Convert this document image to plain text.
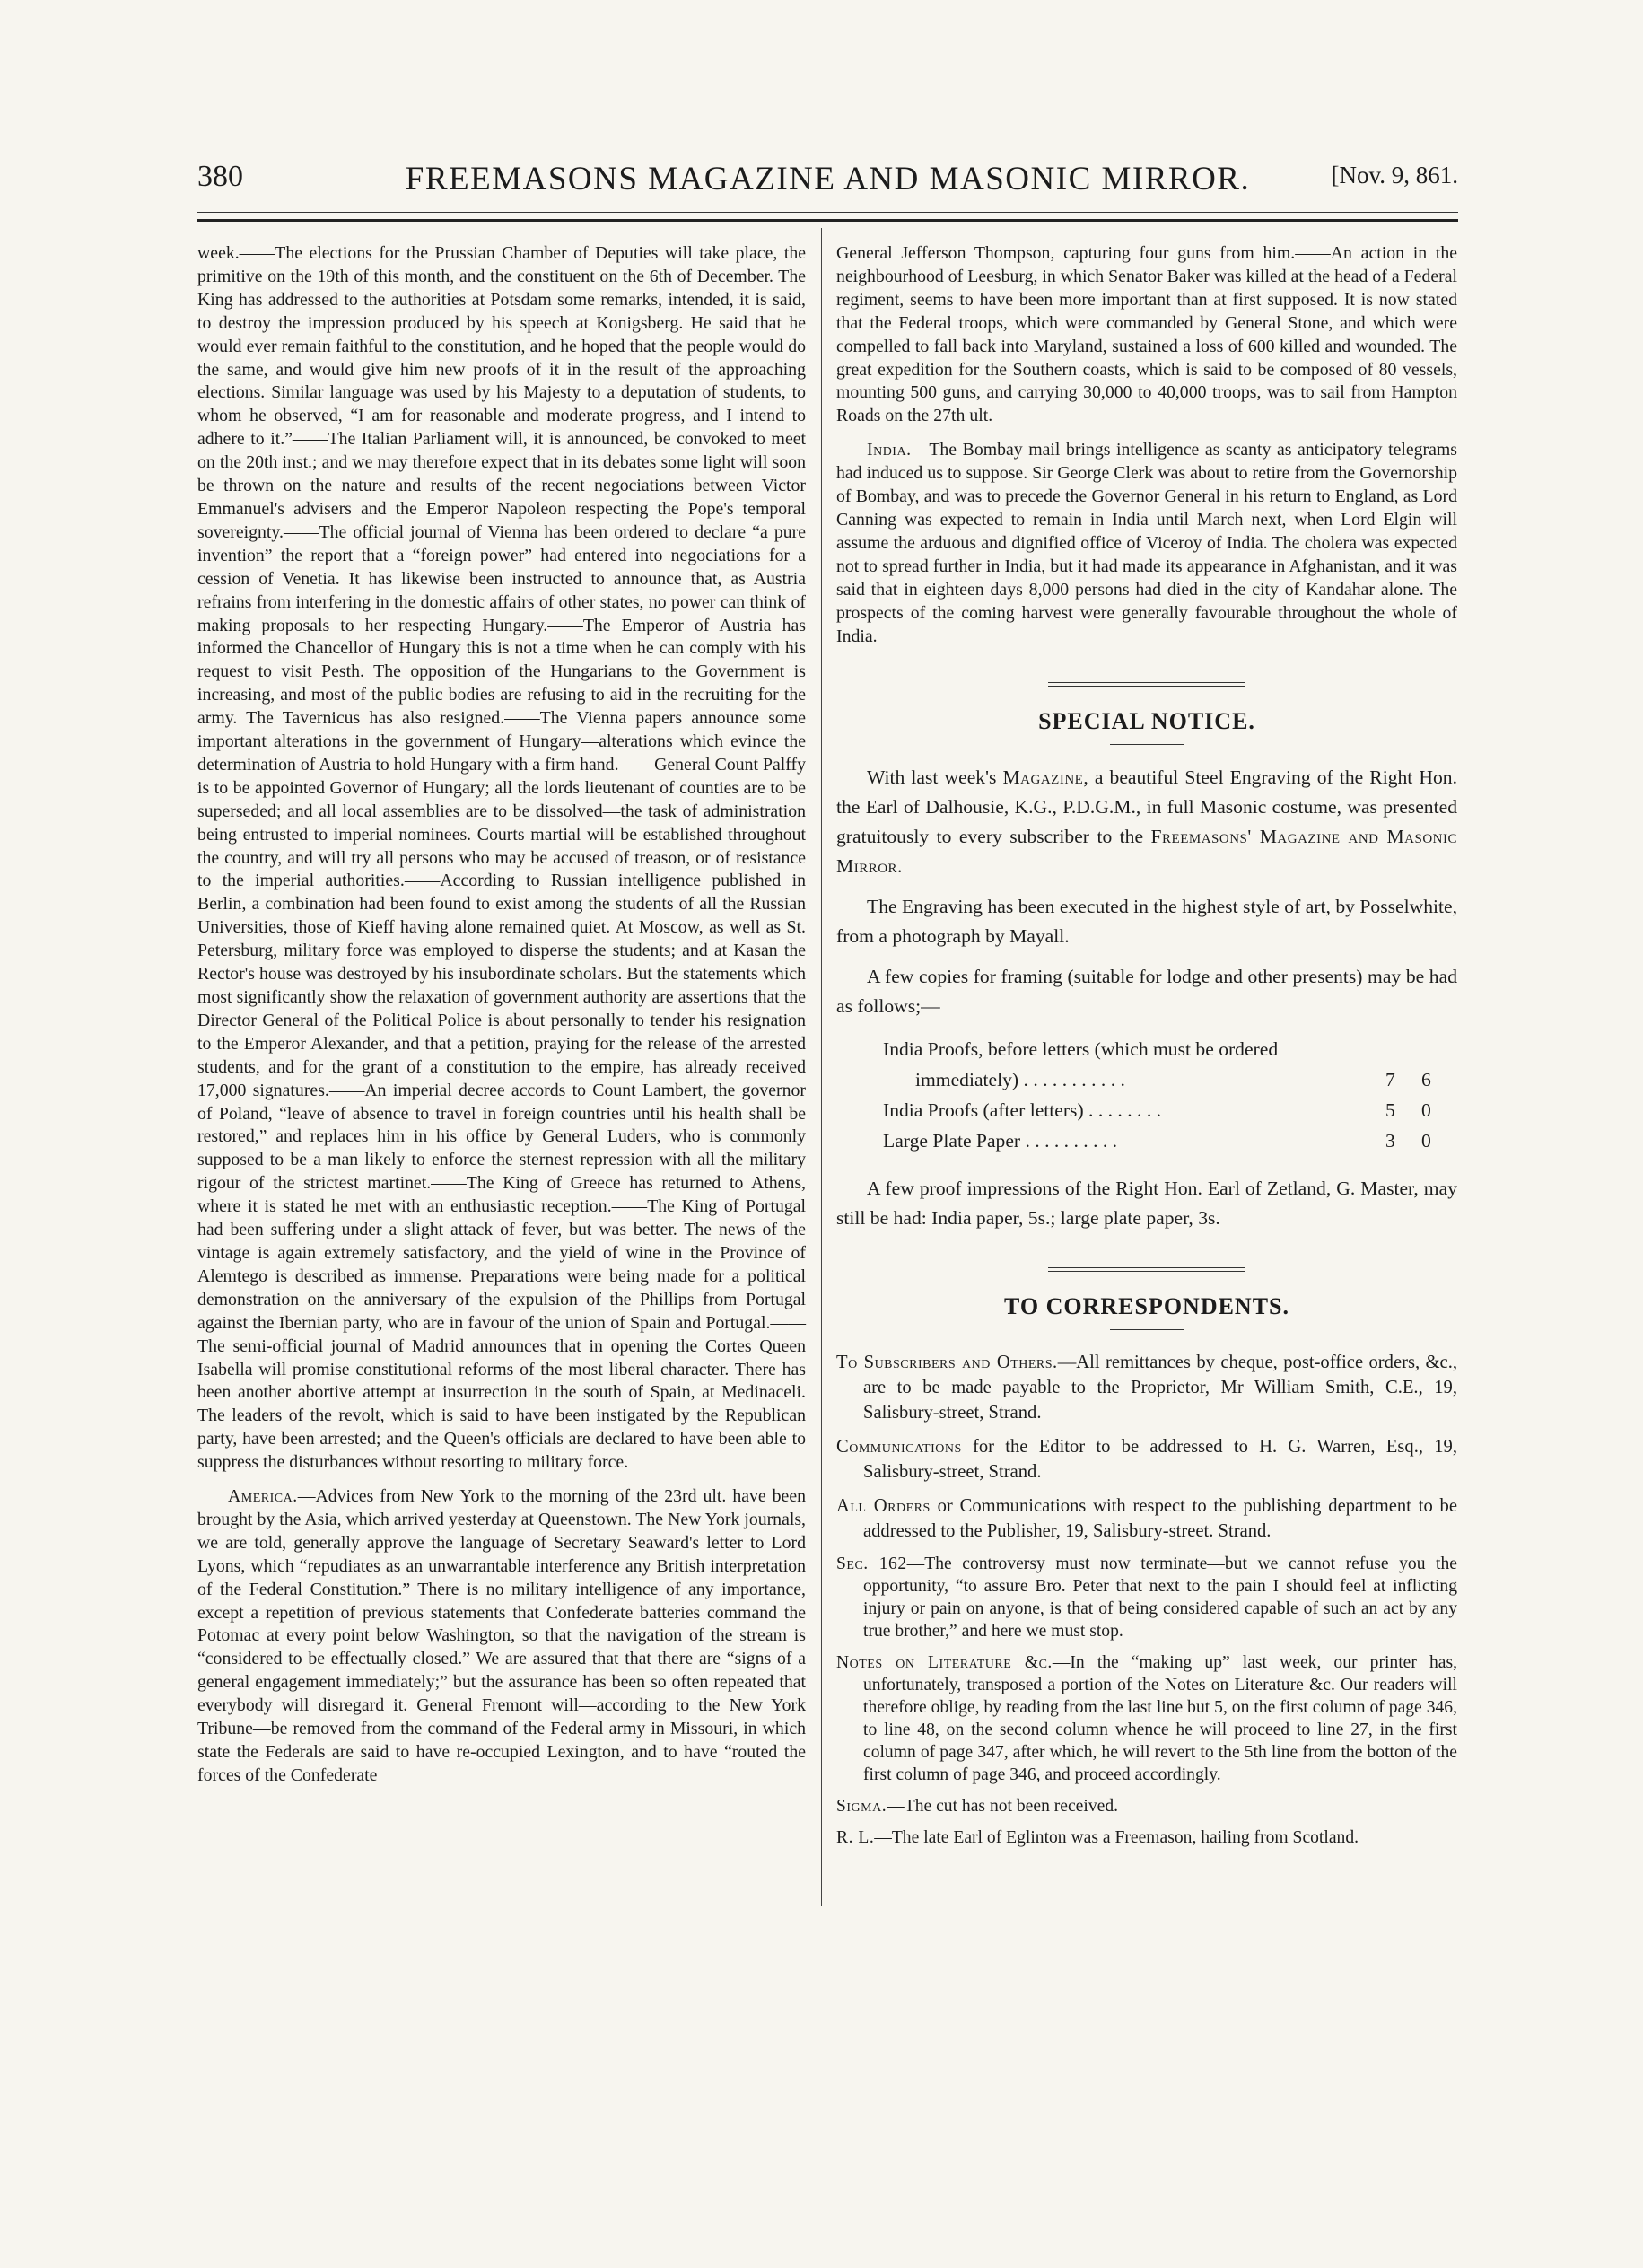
380	FREEMASONS MAGAZINE AND MASONIC MIRROR.	[Nov. 9, 861.

week.——The elections for the Prussian Chamber of Deputies will take place, the primitive on the 19th of this month, and the constituent on the 6th of December. The King has addressed to the authorities at Potsdam some remarks, intended, it is said, to destroy the impression produced by his speech at Konigsberg. He said that he would ever remain faithful to the constitution, and he hoped that the people would do the same, and would give him new proofs of it in the result of the approaching elections. Similar language was used by his Majesty to a deputation of students, to whom he observed, “I am for reasonable and moderate progress, and I intend to adhere to it.”——The Italian Parliament will, it is announced, be convoked to meet on the 20th inst.; and we may therefore expect that in its debates some light will soon be thrown on the nature and results of the recent negociations between Victor Emmanuel's advisers and the Emperor Napoleon respecting the Pope's temporal sovereignty.——The official journal of Vienna has been ordered to declare “a pure invention” the report that a “foreign power” had entered into negociations for a cession of Venetia. It has likewise been instructed to announce that, as Austria refrains from interfering in the domestic affairs of other states, no power can think of making proposals to her respecting Hungary.——The Emperor of Austria has informed the Chancellor of Hungary this is not a time when he can comply with his request to visit Pesth. The opposition of the Hungarians to the Government is increasing, and most of the public bodies are refusing to aid in the recruiting for the army. The Tavernicus has also resigned.——The Vienna papers announce some important alterations in the government of Hungary—alterations which evince the determination of Austria to hold Hungary with a firm hand.——General Count Palffy is to be appointed Governor of Hungary; all the lords lieutenant of counties are to be superseded; and all local assemblies are to be dissolved—the task of administration being entrusted to imperial nominees. Courts martial will be established throughout the country, and will try all persons who may be accused of treason, or of resistance to the imperial authorities.——According to Russian intelligence published in Berlin, a combination had been found to exist among the students of all the Russian Universities, those of Kieff having alone remained quiet. At Moscow, as well as St. Petersburg, military force was employed to disperse the students; and at Kasan the Rector's house was destroyed by his insubordinate scholars. But the statements which most significantly show the relaxation of government authority are assertions that the Director General of the Political Police is about personally to tender his resignation to the Emperor Alexander, and that a petition, praying for the release of the arrested students, and for the grant of a constitution to the empire, has already received 17,000 signatures.——An imperial decree accords to Count Lambert, the governor of Poland, “leave of absence to travel in foreign countries until his health shall be restored,” and replaces him in his office by General Luders, who is commonly supposed to be a man likely to enforce the sternest repression with all the military rigour of the strictest martinet.——The King of Greece has returned to Athens, where it is stated he met with an enthusiastic reception.——The King of Portugal had been suffering under a slight attack of fever, but was better. The news of the vintage is again extremely satisfactory, and the yield of wine in the Province of Alemtego is described as immense. Preparations were being made for a political demonstration on the anniversary of the expulsion of the Phillips from Portugal against the Ibernian party, who are in favour of the union of Spain and Portugal.——The semi-official journal of Madrid announces that in opening the Cortes Queen Isabella will promise constitutional reforms of the most liberal character. There has been another abortive attempt at insurrection in the south of Spain, at Medinaceli. The leaders of the revolt, which is said to have been instigated by the Republican party, have been arrested; and the Queen's officials are declared to have been able to suppress the disturbances without resorting to military force.

America.—Advices from New York to the morning of the 23rd ult. have been brought by the Asia, which arrived yesterday at Queenstown. The New York journals, we are told, generally approve the language of Secretary Seaward's letter to Lord Lyons, which “repudiates as an unwarrantable interference any British interpretation of the Federal Constitution.” There is no military intelligence of any importance, except a repetition of previous statements that Confederate batteries command the Potomac at every point below Washington, so that the navigation of the stream is “considered to be effectually closed.” We are assured that that there are “signs of a general engagement immediately;” but the assurance has been so often repeated that everybody will disregard it. General Fremont will—according to the New York Tribune—be removed from the command of the Federal army in Missouri, in which state the Federals are said to have re-occupied Lexington, and to have “routed the forces of the Confederate

General Jefferson Thompson, capturing four guns from him.——An action in the neighbourhood of Leesburg, in which Senator Baker was killed at the head of a Federal regiment, seems to have been more important than at first supposed. It is now stated that the Federal troops, which were commanded by General Stone, and which were compelled to fall back into Maryland, sustained a loss of 600 killed and wounded. The great expedition for the Southern coasts, which is said to be composed of 80 vessels, mounting 500 guns, and carrying 30,000 to 40,000 troops, was to sail from Hampton Roads on the 27th ult.

India.—The Bombay mail brings intelligence as scanty as anticipatory telegrams had induced us to suppose. Sir George Clerk was about to retire from the Governorship of Bombay, and was to precede the Governor General in his return to England, as Lord Canning was expected to remain in India until March next, when Lord Elgin will assume the arduous and dignified office of Viceroy of India. The cholera was expected not to spread further in India, but it had made its appearance in Afghanistan, and it was said that in eighteen days 8,000 persons had died in the city of Kandahar alone. The prospects of the coming harvest were generally favourable throughout the whole of India.

SPECIAL NOTICE.

With last week's Magazine, a beautiful Steel Engraving of the Right Hon. the Earl of Dalhousie, K.G., P.D.G.M., in full Masonic costume, was presented gratuitously to every subscriber to the Freemasons' Magazine and Masonic Mirror.

The Engraving has been executed in the highest style of art, by Posselwhite, from a photograph by Mayall.

A few copies for framing (suitable for lodge and other presents) may be had as follows;—

India Proofs, before letters (which must be ordered
immediately) . . . . . . . . . . .	7	6
India Proofs (after letters) . . . . . . . .	5	0
Large Plate Paper . . . . . . . . . .	3	0

A few proof impressions of the Right Hon. Earl of Zetland, G. Master, may still be had: India paper, 5s.; large plate paper, 3s.

TO CORRESPONDENTS.

To Subscribers and Others.—All remittances by cheque, post-office orders, &c., are to be made payable to the Proprietor, Mr William Smith, C.E., 19, Salisbury-street, Strand.

Communications for the Editor to be addressed to H. G. Warren, Esq., 19, Salisbury-street, Strand.

All Orders or Communications with respect to the publishing department to be addressed to the Publisher, 19, Salisbury-street. Strand.

Sec. 162—The controversy must now terminate—but we cannot refuse you the opportunity, “to assure Bro. Peter that next to the pain I should feel at inflicting injury or pain on anyone, is that of being considered capable of such an act by any true brother,” and here we must stop.

Notes on Literature &c.—In the “making up” last week, our printer has, unfortunately, transposed a portion of the Notes on Literature &c. Our readers will therefore oblige, by reading from the last line but 5, on the first column of page 346, to line 48, on the second column whence he will proceed to line 27, in the first column of page 347, after which, he will revert to the 5th line from the botton of the first column of page 346, and proceed accordingly.

Sigma.—The cut has not been received.

R. L.—The late Earl of Eglinton was a Freemason, hailing from Scotland.
